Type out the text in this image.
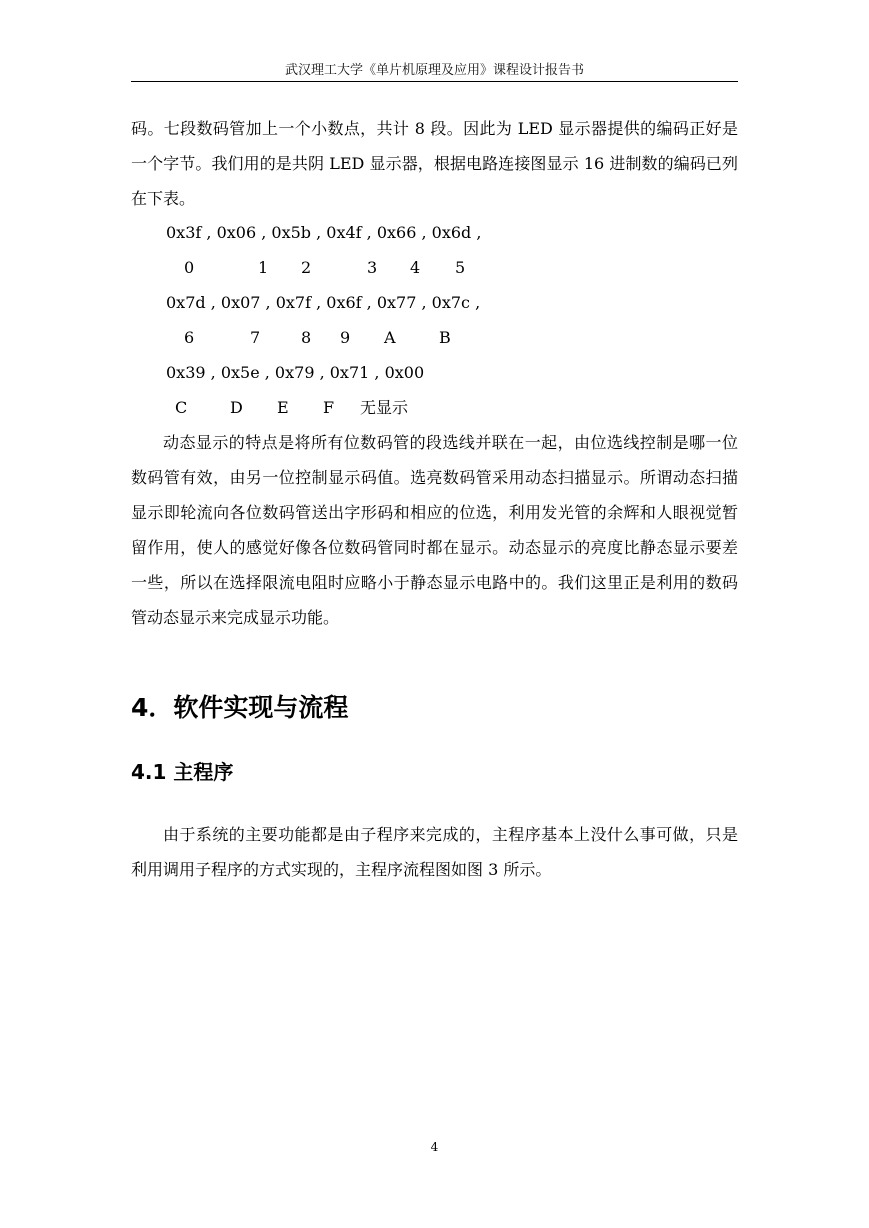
武汉理工大学《单片机原理及应用》课程设计报告书

码。七段数码管加上一个小数点，共计 8 段。因此为 LED 显示器提供的编码正好是一个字节。我们用的是共阴 LED 显示器，根据电路连接图显示 16 进制数的编码已列在下表。

0x3f , 0x06 , 0x5b , 0x4f , 0x66 , 0x6d ,
0	1 2	3 4 5
0x7d , 0x07 , 0x7f , 0x6f , 0x77 , 0x7c ,
6	7	8 9 A	B
0x39 , 0x5e , 0x79 , 0x71 , 0x00
C	D E F 无显示

动态显示的特点是将所有位数码管的段选线并联在一起，由位选线控制是哪一位数码管有效，由另一位控制显示码值。选亮数码管采用动态扫描显示。所谓动态扫描显示即轮流向各位数码管送出字形码和相应的位选，利用发光管的余辉和人眼视觉暂留作用，使人的感觉好像各位数码管同时都在显示。动态显示的亮度比静态显示要差一些，所以在选择限流电阻时应略小于静态显示电路中的。我们这里正是利用的数码管动态显示来完成显示功能。

4．软件实现与流程
4.1 主程序

由于系统的主要功能都是由子程序来完成的，主程序基本上没什么事可做，只是利用调用子程序的方式实现的，主程序流程图如图 3 所示。

4
